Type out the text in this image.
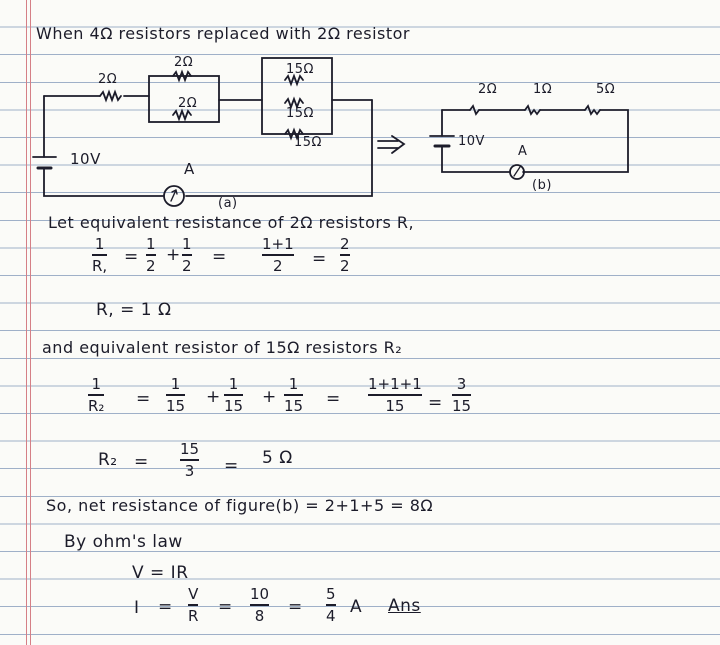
When 4Ω resistors replaced with 2Ω resistor
2Ω
2Ω
2Ω
15Ω
15Ω
15Ω
10V
A
(a)
2Ω	1Ω	5Ω
10V
A
(b)
Let equivalent resistance of 2Ω resistors R,
1
R, =
1
2
+
1
2 =
1+1
2 =
2
2
R, = 1 Ω
and equivalent resistor of 15Ω resistors R₂
1
R₂ =
1
15 +
1
15 +
1
15 =
1+1+1
15 =
3
15
R₂ =
15
3 = 5 Ω
So, net resistance of figure(b) = 2+1+5 = 8Ω
By ohm's law
V = IR
I =
V
R =
10
8 =
5
4 A Ans
